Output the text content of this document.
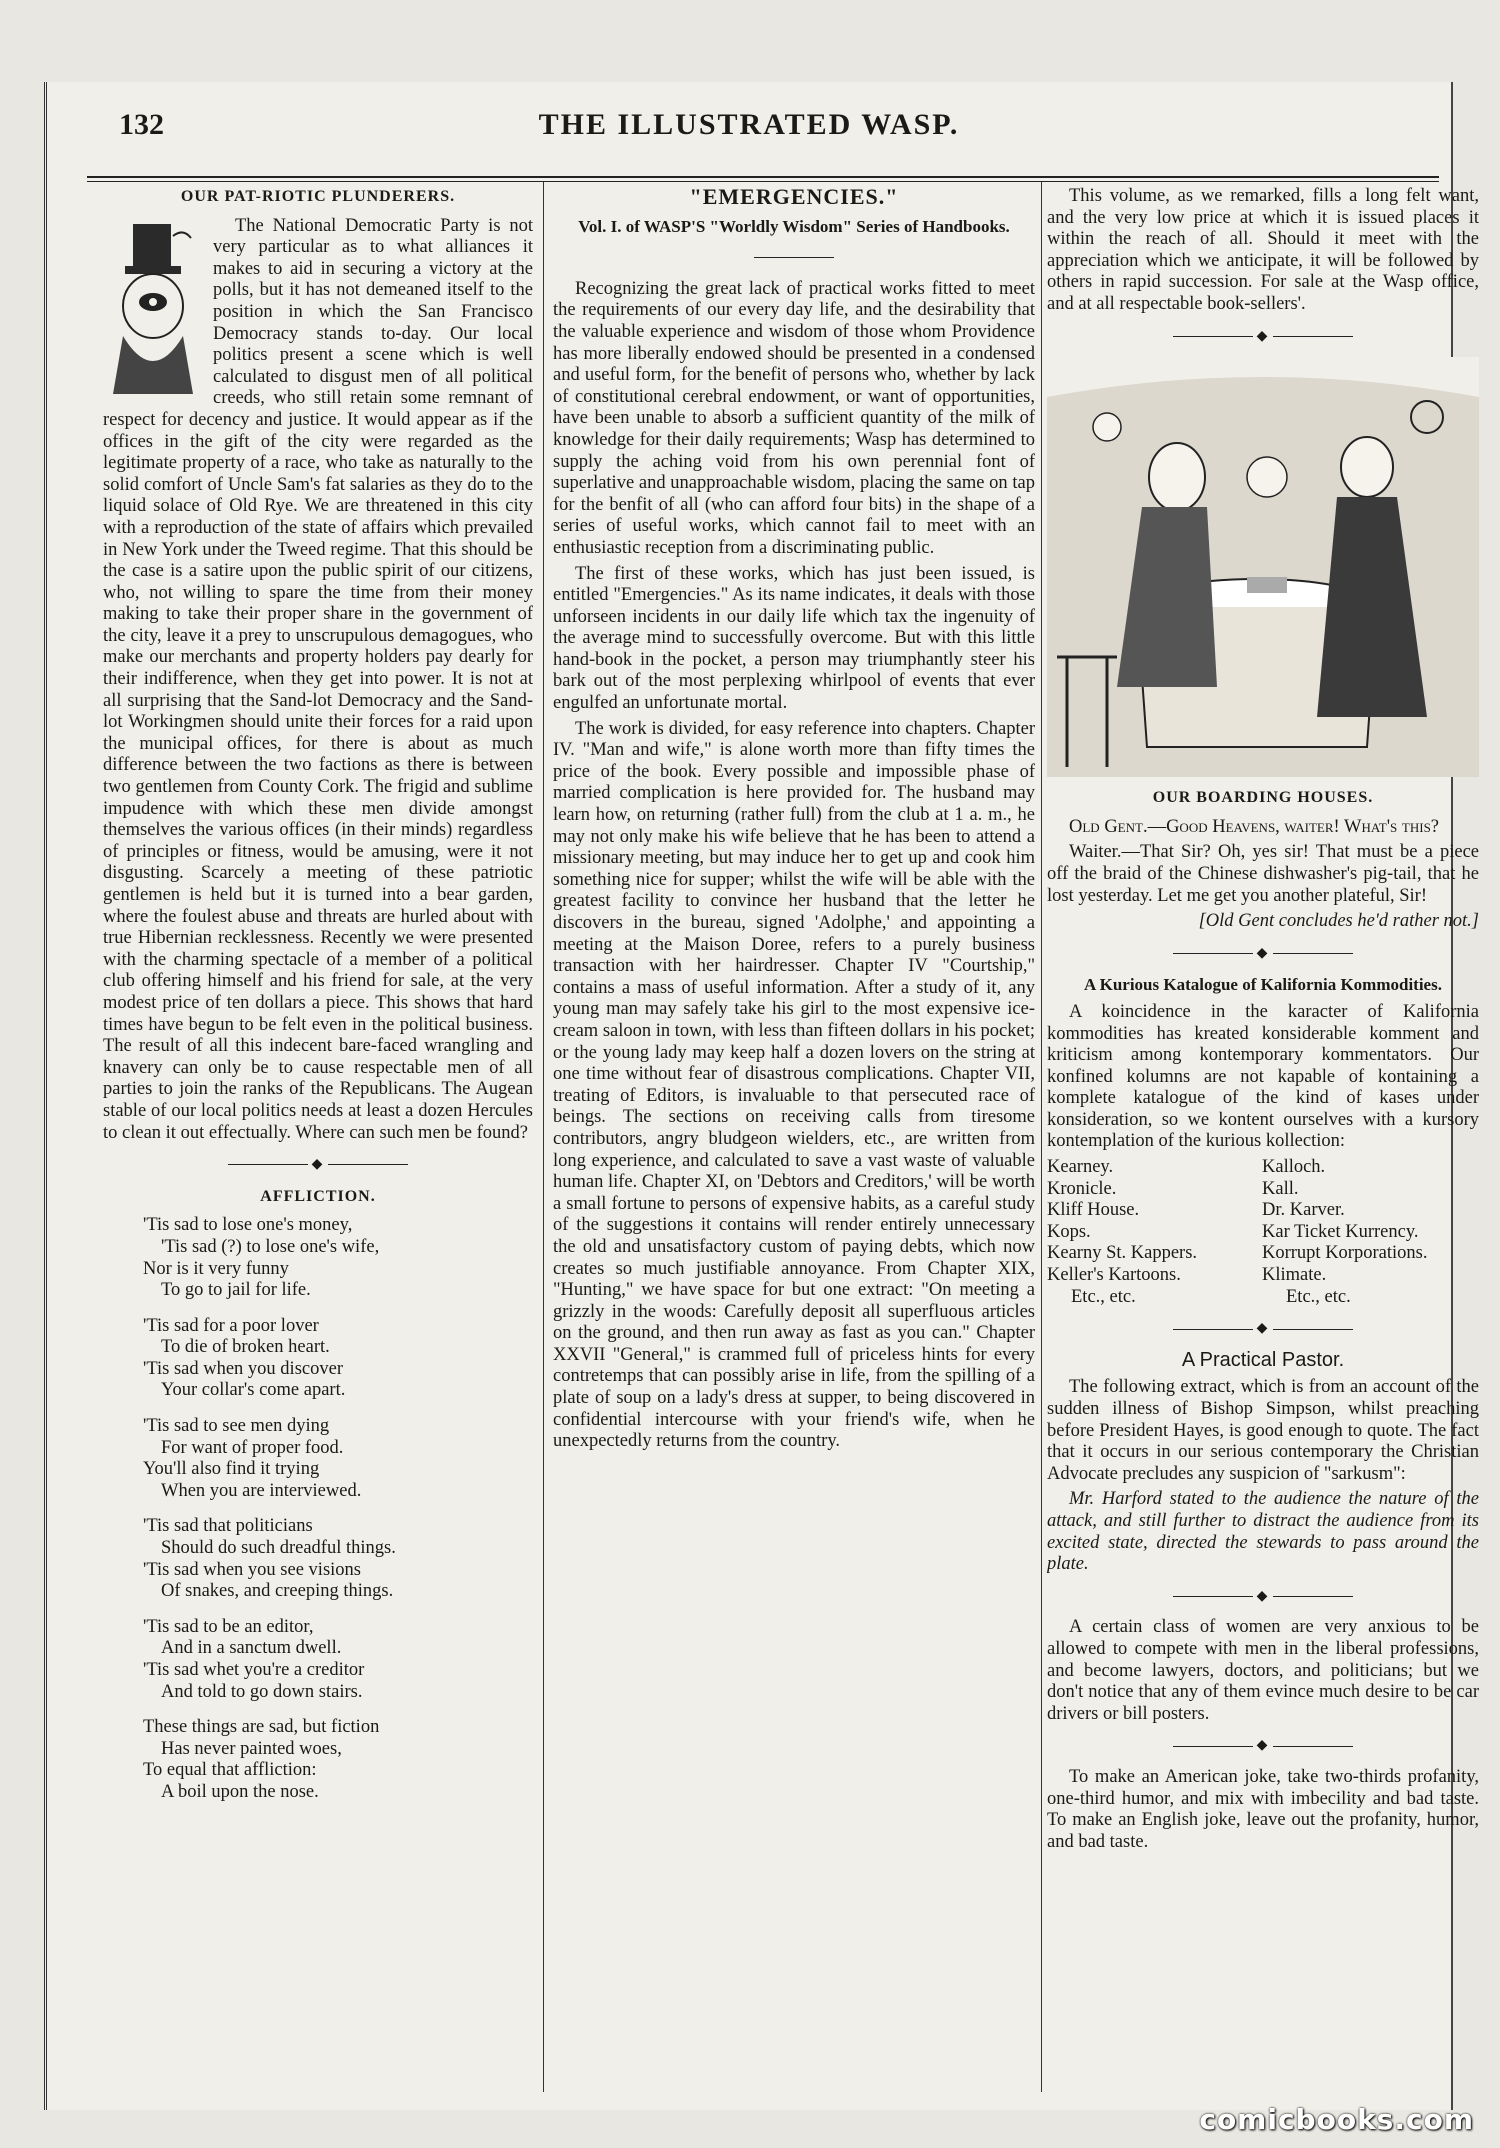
132	THE ILLUSTRATED WASP.
OUR PAT-RIOTIC PLUNDERERS.

The National Democratic Party is not very particular as to what alliances it makes to aid in securing a victory at the polls, but it has not demeaned itself to the position in which the San Francisco Democracy stands to-day. Our local politics present a scene which is well calculated to disgust men of all political creeds, who still retain some remnant of respect for decency and justice. It would appear as if the offices in the gift of the city were regarded as the legitimate property of a race, who take as naturally to the solid comfort of Uncle Sam's fat salaries as they do to the liquid solace of Old Rye. We are threatened in this city with a reproduction of the state of affairs which prevailed in New York under the Tweed regime. That this should be the case is a satire upon the public spirit of our citizens, who, not willing to spare the time from their money making to take their proper share in the government of the city, leave it a prey to unscrupulous demagogues, who make our merchants and property holders pay dearly for their indifference, when they get into power. It is not at all surprising that the Sand-lot Democracy and the Sand-lot Workingmen should unite their forces for a raid upon the municipal offices, for there is about as much difference between the two factions as there is between two gentlemen from County Cork. The frigid and sublime impudence with which these men divide amongst themselves the various offices (in their minds) regardless of principles or fitness, would be amusing, were it not disgusting. Scarcely a meeting of these patriotic gentlemen is held but it is turned into a bear garden, where the foulest abuse and threats are hurled about with true Hibernian recklessness. Recently we were presented with the charming spectacle of a member of a political club offering himself and his friend for sale, at the very modest price of ten dollars a piece. This shows that hard times have begun to be felt even in the political business. The result of all this indecent bare-faced wrangling and knavery can only be to cause respectable men of all parties to join the ranks of the Republicans. The Augean stable of our local politics needs at least a dozen Hercules to clean it out effectually. Where can such men be found?

◆
AFFLICTION.
'Tis sad to lose one's money,
'Tis sad (?) to lose one's wife,
Nor is it very funny
To go to jail for life.
'Tis sad for a poor lover
To die of broken heart.
'Tis sad when you discover
Your collar's come apart.
'Tis sad to see men dying
For want of proper food.
You'll also find it trying
When you are interviewed.
'Tis sad that politicians
Should do such dreadful things.
'Tis sad when you see visions
Of snakes, and creeping things.
'Tis sad to be an editor,
And in a sanctum dwell.
'Tis sad whet you're a creditor
And told to go down stairs.
These things are sad, but fiction
Has never painted woes,
To equal that affliction:
A boil upon the nose.
"EMERGENCIES."
Vol. I. of WASP'S "Worldly Wisdom" Series of Handbooks.

Recognizing the great lack of practical works fitted to meet the requirements of our every day life, and the desirability that the valuable experience and wisdom of those whom Providence has more liberally endowed should be presented in a condensed and useful form, for the benefit of persons who, whether by lack of constitutional cerebral endowment, or want of opportunities, have been unable to absorb a sufficient quantity of the milk of knowledge for their daily requirements; Wasp has determined to supply the aching void from his own perennial font of superlative and unapproachable wisdom, placing the same on tap for the benfit of all (who can afford four bits) in the shape of a series of useful works, which cannot fail to meet with an enthusiastic reception from a discriminating public.

The first of these works, which has just been issued, is entitled "Emergencies." As its name indicates, it deals with those unforseen incidents in our daily life which tax the ingenuity of the average mind to successfully overcome. But with this little hand-book in the pocket, a person may triumphantly steer his bark out of the most perplexing whirlpool of events that ever engulfed an unfortunate mortal.

The work is divided, for easy reference into chapters. Chapter IV. "Man and wife," is alone worth more than fifty times the price of the book. Every possible and impossible phase of married complication is here provided for. The husband may learn how, on returning (rather full) from the club at 1 a. m., he may not only make his wife believe that he has been to attend a missionary meeting, but may induce her to get up and cook him something nice for supper; whilst the wife will be able with the greatest facility to convince her husband that the letter he discovers in the bureau, signed 'Adolphe,' and appointing a meeting at the Maison Doree, refers to a purely business transaction with her hairdresser. Chapter IV "Courtship," contains a mass of useful information. After a study of it, any young man may safely take his girl to the most expensive ice-cream saloon in town, with less than fifteen dollars in his pocket; or the young lady may keep half a dozen lovers on the string at one time without fear of disastrous complications. Chapter VII, treating of Editors, is invaluable to that persecuted race of beings. The sections on receiving calls from tiresome contributors, angry bludgeon wielders, etc., are written from long experience, and calculated to save a vast waste of valuable human life. Chapter XI, on 'Debtors and Creditors,' will be worth a small fortune to persons of expensive habits, as a careful study of the suggestions it contains will render entirely unnecessary the old and unsatisfactory custom of paying debts, which now creates so much justifiable annoyance. From Chapter XIX, "Hunting," we have space for but one extract: "On meeting a grizzly in the woods: Carefully deposit all superfluous articles on the ground, and then run away as fast as you can." Chapter XXVII "General," is crammed full of priceless hints for every contretemps that can possibly arise in life, from the spilling of a plate of soup on a lady's dress at supper, to being discovered in confidential intercourse with your friend's wife, when he unexpectedly returns from the country.

This volume, as we remarked, fills a long felt want, and the very low price at which it is issued places it within the reach of all. Should it meet with the appreciation which we anticipate, it will be followed by others in rapid succession. For sale at the Wasp office, and at all respectable book-sellers'.

◆
OUR BOARDING HOUSES.

Old Gent.—Good Heavens, waiter! What's this?

Waiter.—That Sir? Oh, yes sir! That must be a piece off the braid of the Chinese dishwasher's pig-tail, that he lost yesterday. Let me get you another plateful, Sir!

[Old Gent concludes he'd rather not.]
◆
A Kurious Katalogue of Kalifornia Kommodities.

A koincidence in the karacter of Kalifornia kommodities has kreated konsiderable komment and kriticism among kontemporary kommentators. Our konfined kolumns are not kapable of kontaining a komplete katalogue of the kind of kases under konsideration, so we kontent ourselves with a kursory kontemplation of the kurious kollection:

Kearney.	Kalloch.
Kronicle.	Kall.
Kliff House.	Dr. Karver.
Kops.	Kar Ticket Kurrency.
Kearny St. Kappers.	Korrupt Korporations.
Keller's Kartoons.	Klimate.
Etc., etc.	Etc., etc.
◆
A Practical Pastor.

The following extract, which is from an account of the sudden illness of Bishop Simpson, whilst preaching before President Hayes, is good enough to quote. The fact that it occurs in our serious contemporary the Christian Advocate precludes any suspicion of "sarkusm":

Mr. Harford stated to the audience the nature of the attack, and still further to distract the audience from its excited state, directed the stewards to pass around the plate.

◆

A certain class of women are very anxious to be allowed to compete with men in the liberal professions, and become lawyers, doctors, and politicians; but we don't notice that any of them evince much desire to be car drivers or bill posters.

◆

To make an American joke, take two-thirds profanity, one-third humor, and mix with imbecility and bad taste. To make an English joke, leave out the profanity, humor, and bad taste.

comicbooks.com
